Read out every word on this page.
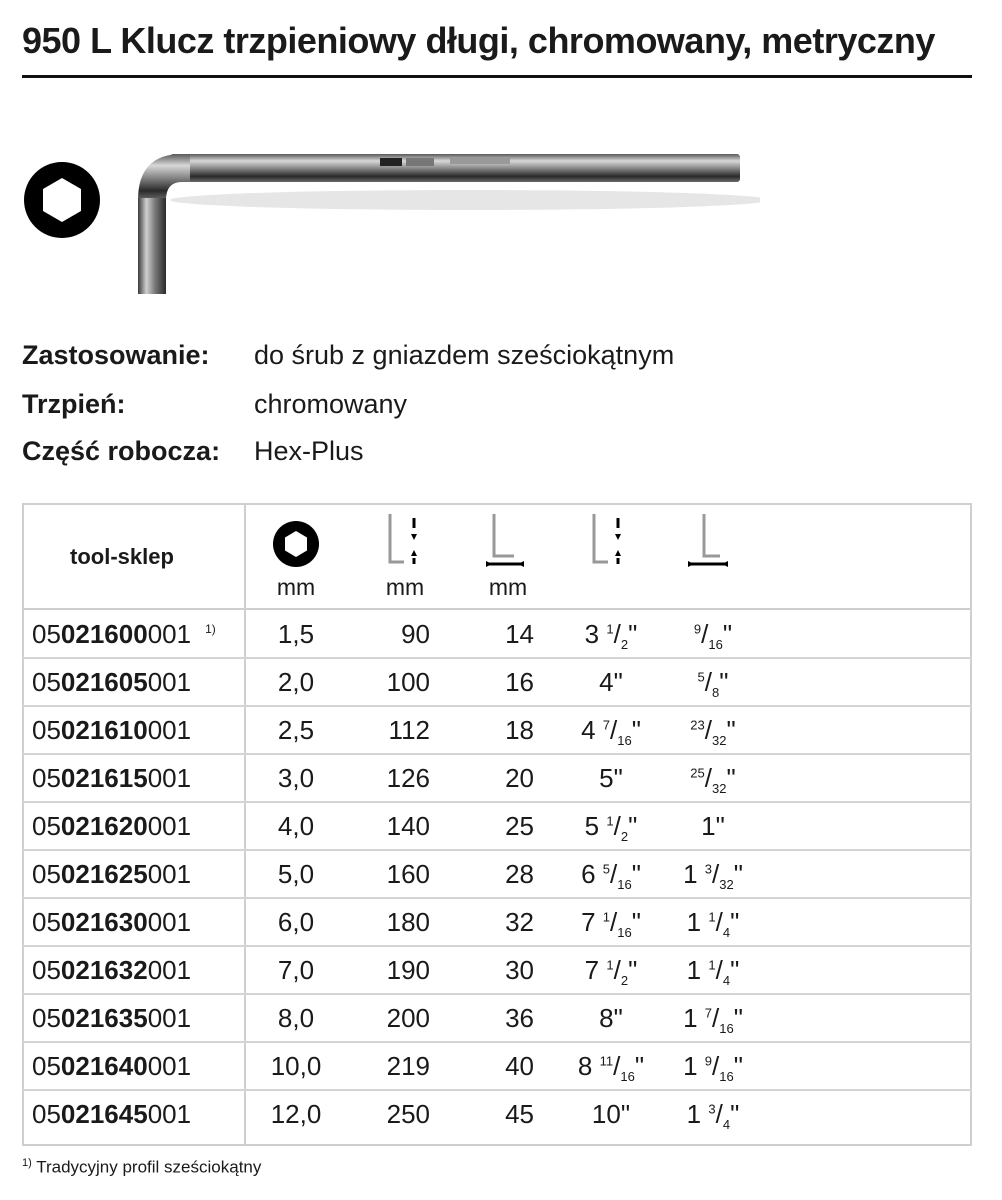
950 L Klucz trzpieniowy długi, chromowany, metryczny
Zastosowanie: do śrub z gniazdem sześciokątnym
Trzpień:	chromowany
Część robocza: Hex-Plus
tool-sklep
mm	mm	mm
05021600001 $^{1)}$	1,5	90	14	3 $^1/_2$"	$^9/_{16}$"
05021605001	2,0	100	16	4"	$^5/_8$"
05021610001	2,5	112	18	4 $^7/_{16}$"	$^{23}/_{32}$"
05021615001	3,0	126	20	5"	$^{25}/_{32}$"
05021620001	4,0	140	25	5 $^1/_2$"	1"
05021625001	5,0	160	28	6 $^5/_{16}$"	1 $^3/_{32}$"
05021630001	6,0	180	32	7 $^1/_{16}$"	1 $^1/_4$"
05021632001	7,0	190	30	7 $^1/_2$"	1 $^1/_4$"
05021635001	8,0	200	36	8"	1 $^7/_{16}$"
05021640001	10,0	219	40	8 $^{11}/_{16}$"	1 $^9/_{16}$"
05021645001	12,0	250	45	10"	1 $^3/_4$"
$^{1)}$ Tradycyjny profil sześciokątny
